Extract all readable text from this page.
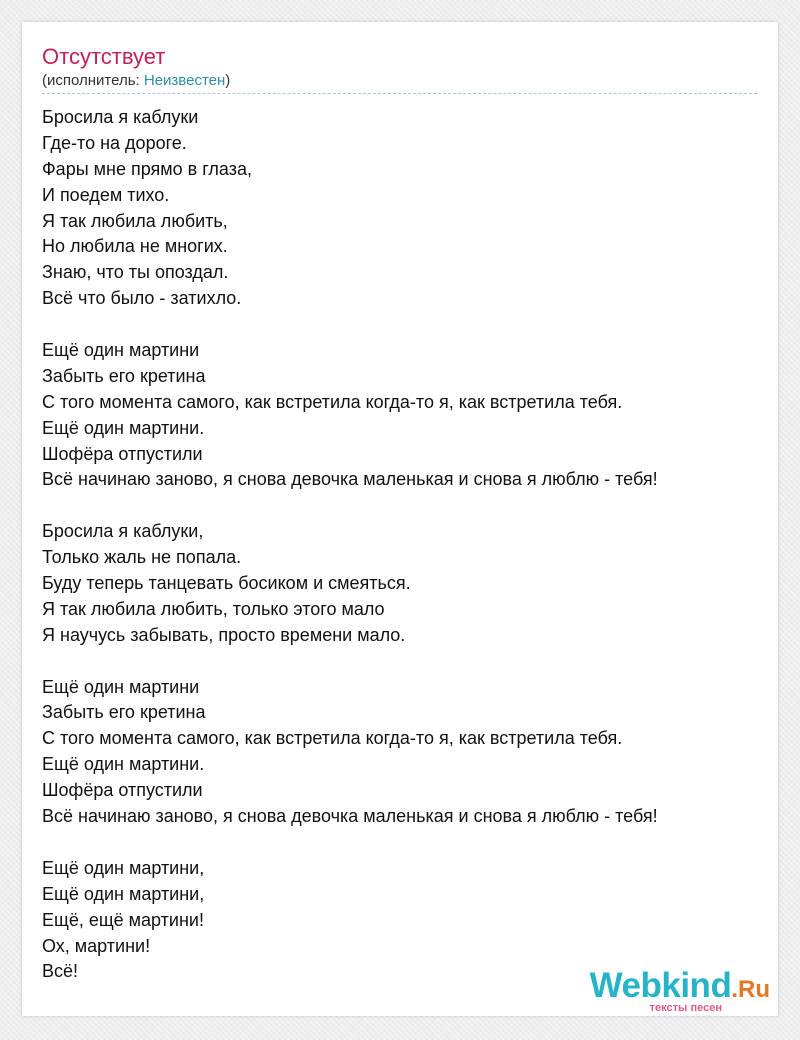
Отсутствует
(исполнитель: Неизвестен)
Бросила я каблуки
Где-то на дороге.
Фары мне прямо в глаза,
И поедем тихо.
Я так любила любить,
Но любила не многих.
Знаю, что ты опоздал.
Всё что было - затихло.
Ещё один мартини
Забыть его кретина
С того момента самого, как встретила когда-то я, как встретила тебя.
Ещё один мартини.
Шофёра отпустили
Всё начинаю заново, я снова девочка маленькая и снова я люблю - тебя!
Бросила я каблуки,
Только жаль не попала.
Буду теперь танцевать босиком и смеяться.
Я так любила любить, только этого мало
Я научусь забывать, просто времени мало.
Ещё один мартини
Забыть его кретина
С того момента самого, как встретила когда-то я, как встретила тебя.
Ещё один мартини.
Шофёра отпустили
Всё начинаю заново, я снова девочка маленькая и снова я люблю - тебя!
Ещё один мартини,
Ещё один мартини,
Ещё, ещё мартини!
Ох, мартини!
Всё!	Webkind.Ru
тексты песен
